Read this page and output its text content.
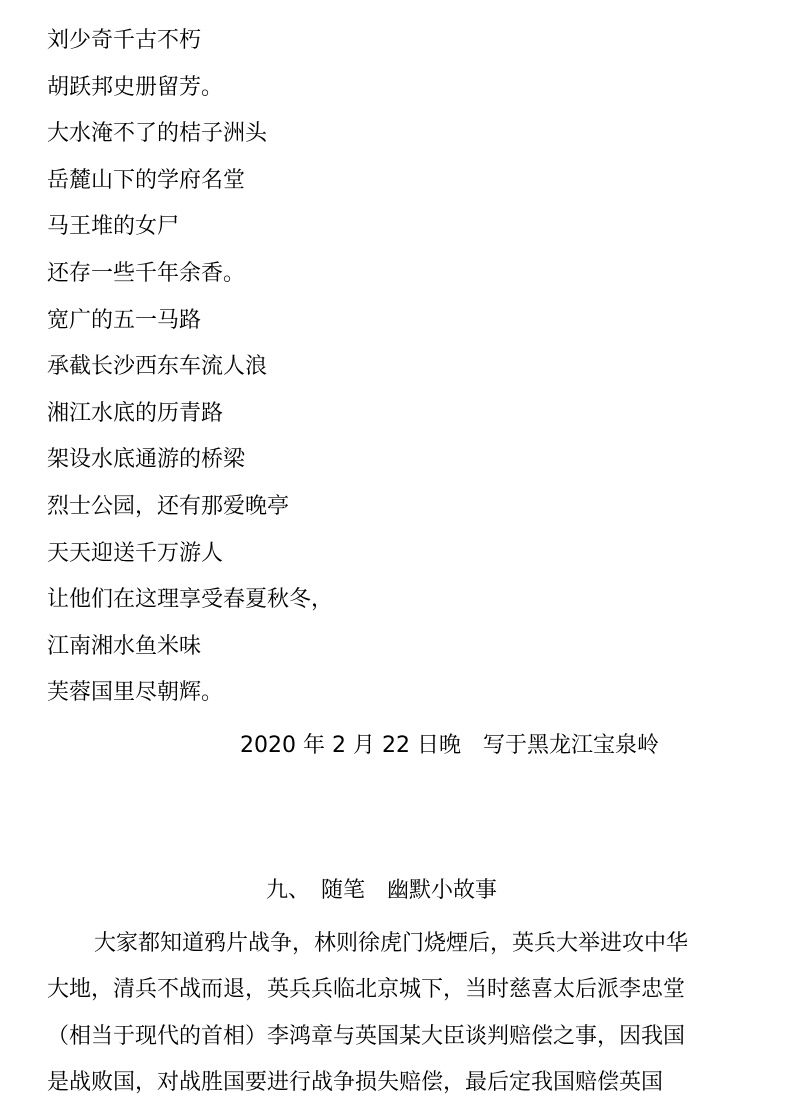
刘少奇千古不朽
胡跃邦史册留芳。
大水淹不了的桔子洲头
岳麓山下的学府名堂
马王堆的女尸
还存一些千年余香。
宽广的五一马路
承截长沙西东车流人浪
湘江水底的历青路
架设水底通游的桥梁
烈士公园，还有那爱晚亭
天天迎送千万游人
让他们在这理享受春夏秋冬，
江南湘水鱼米味
芙蓉国里尽朝辉。
2020 年 2 月 22 日晚　写于黑龙江宝泉岭
九、　随笔　幽默小故事
大家都知道鸦片战争，林则徐虎门烧煙后，英兵大举进攻中华
大地，清兵不战而退，英兵兵临北京城下，当时慈喜太后派李忠堂
（相当于现代的首相）李鸿章与英国某大臣谈判赔偿之事，因我国
是战败国，对战胜国要进行战争损失赔偿，最后定我国赔偿英国
